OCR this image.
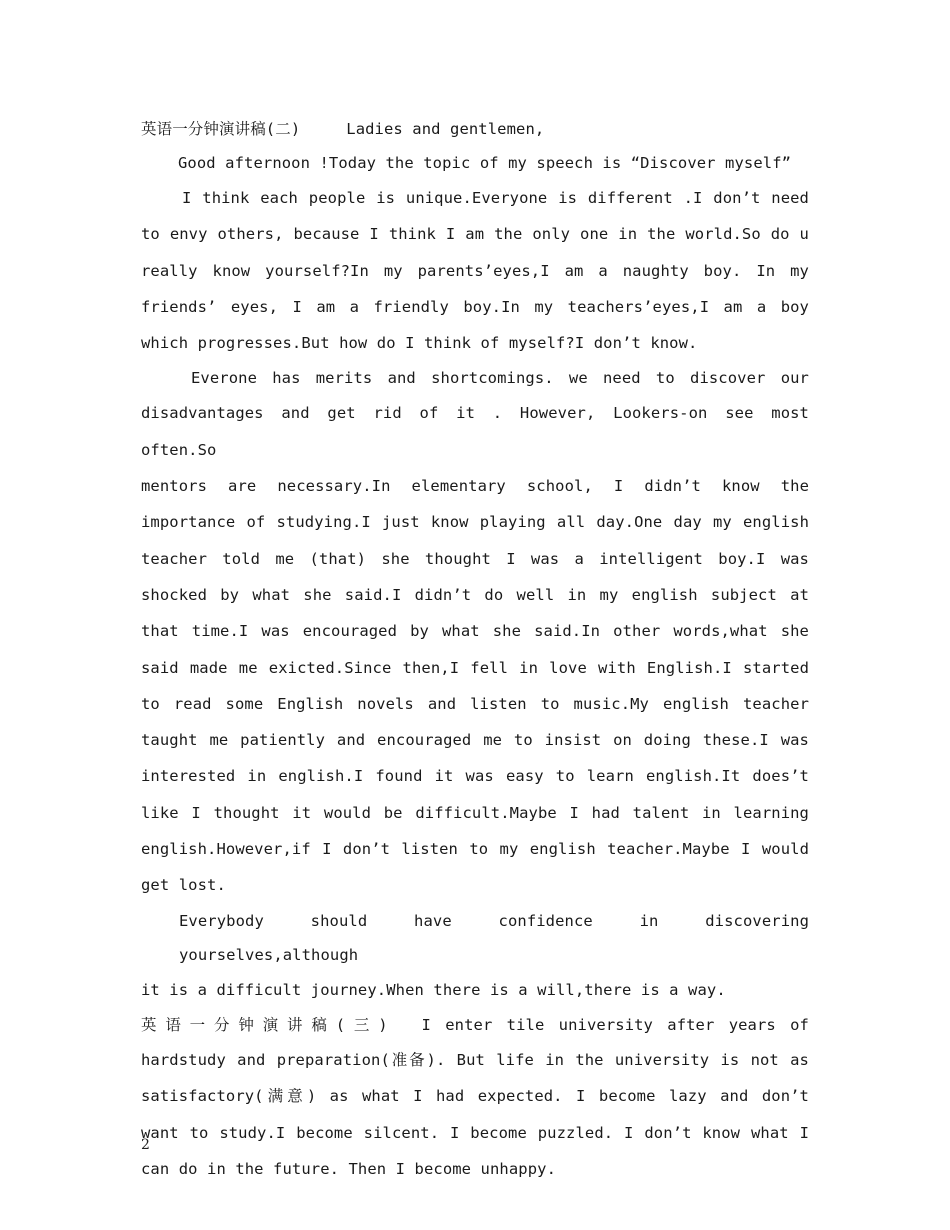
英语一分钟演讲稿(二)	Ladies and gentlemen,
Good afternoon !Today the topic of my speech is “Discover myself”
I think each people is unique.Everyone is different .I don’t need
to envy others, because I think I am the only one in the world.So do u
really know yourself?In my parents’eyes,I am a naughty boy. In my
friends’ eyes, I am a friendly boy.In my teachers’eyes,I am a boy
which progresses.But how do I think of myself?I don’t know.
Everone has merits and shortcomings. we need to discover our
disadvantages and get rid of it . However, Lookers-on see most often.So
mentors are necessary.In elementary school, I didn’t know the
importance of studying.I just know playing all day.One day my english
teacher told me (that) she thought I was a intelligent boy.I was
shocked by what she said.I didn’t do well in my english subject at
that time.I was encouraged by what she said.In other words,what she
said made me exicted.Since then,I fell in love with English.I started
to read some English novels and listen to music.My english teacher
taught me patiently and encouraged me to insist on doing these.I was
interested in english.I found it was easy to learn english.It does’t
like I thought it would be difficult.Maybe I had talent in learning
english.However,if I don’t listen to my english teacher.Maybe I would
get lost.
Everybody should have confidence in discovering yourselves,although
it is a difficult journey.When there is a will,there is a way.
英语一分钟演讲稿(三) I enter tile university after years of
hardstudy and preparation(准备). But life in the university is not as
satisfactory(满意) as what I had expected. I become lazy and don’t
want to study.I become silcent. I become puzzled. I don’t know what I
can do in the future. Then I become unhappy.
2
